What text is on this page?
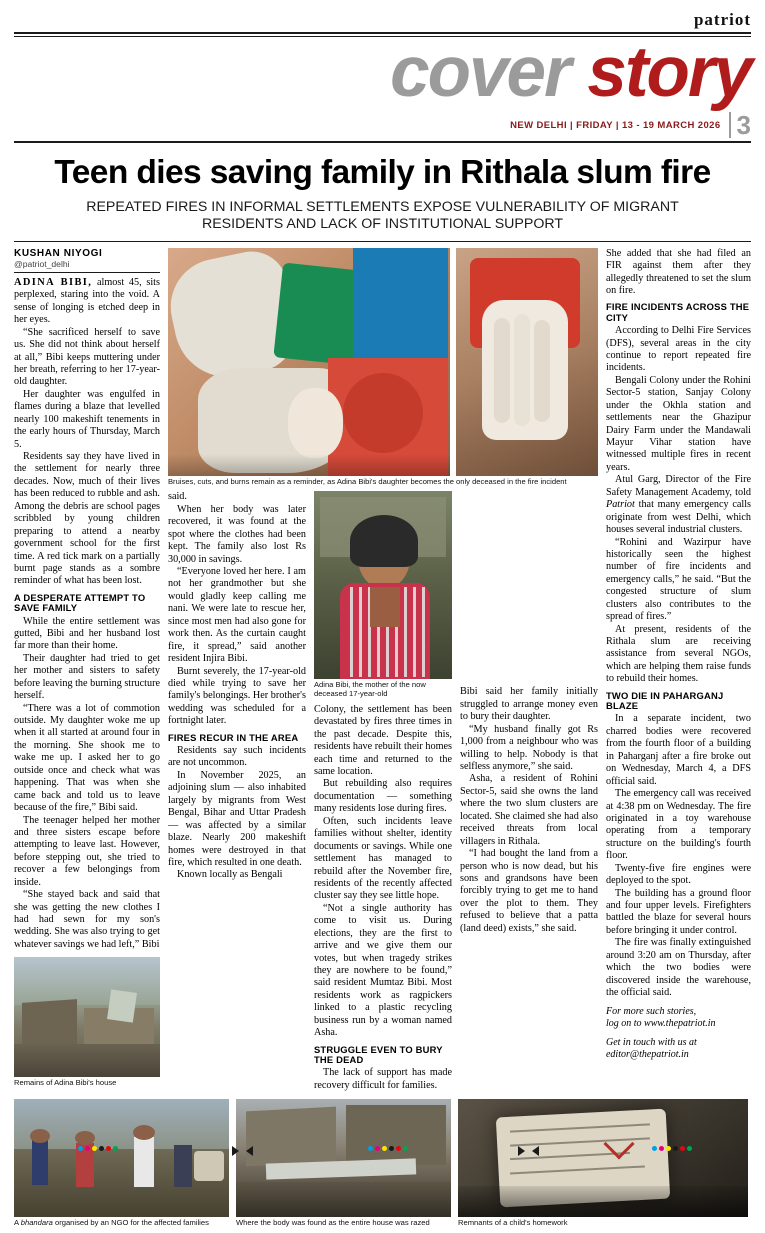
patriot
cover story
NEW DELHI | FRIDAY | 13 - 19 MARCH 2026 3
Teen dies saving family in Rithala slum fire
REPEATED FIRES IN INFORMAL SETTLEMENTS EXPOSE VULNERABILITY OF MIGRANT RESIDENTS AND LACK OF INSTITUTIONAL SUPPORT
KUSHAN NIYOGI
@patriot_delhi

ADINA BIBI, almost 45, sits perplexed, staring into the void. A sense of longing is etched deep in her eyes.

“She sacrificed herself to save us. She did not think about herself at all,” Bibi keeps muttering under her breath, referring to her 17-year-old daughter.

Her daughter was engulfed in flames during a blaze that levelled nearly 100 makeshift tenements in the early hours of Thursday, March 5.

Residents say they have lived in the settlement for nearly three decades. Now, much of their lives has been reduced to rubble and ash. Among the debris are school pages scribbled by young children preparing to attend a nearby government school for the first time. A red tick mark on a partially burnt page stands as a sombre reminder of what has been lost.

A DESPERATE ATTEMPT TO SAVE FAMILY

While the entire settlement was gutted, Bibi and her husband lost far more than their home.

Their daughter had tried to get her mother and sisters to safety before leaving the burning structure herself.

“There was a lot of commotion outside. My daughter woke me up when it all started at around four in the morning. She shook me to wake me up. I asked her to go outside once and check what was happening. That was when she came back and told us to leave because of the fire,” Bibi said.

The teenager helped her mother and three sisters escape before attempting to leave last. However, before stepping out, she tried to recover a few belongings from inside.

“She stayed back and said that she was getting the new clothes I had had sewn for my son's wedding. She was also trying to get whatever savings we had left,” Bibi

Remains of Adina Bibi's house
Bruises, cuts, and burns remain as a reminder, as Adina Bibi's daughter becomes the only deceased in the fire incident

said.

When her body was later recovered, it was found at the spot where the clothes had been kept. The family also lost Rs 30,000 in savings.

“Everyone loved her here. I am not her grandmother but she would gladly keep calling me nani. We were late to rescue her, since most men had also gone for work then. As the curtain caught fire, it spread,” said another resident Injira Bibi.

Burnt severely, the 17-year-old died while trying to save her family's belongings. Her brother's wedding was scheduled for a fortnight later.

FIRES RECUR IN THE AREA

Residents say such incidents are not uncommon.

In November 2025, an adjoining slum — also inhabited largely by migrants from West Bengal, Bihar and Uttar Pradesh — was affected by a similar blaze. Nearly 200 makeshift homes were destroyed in that fire, which resulted in one death.

Known locally as Bengali

Adina Bibi, the mother of the now deceased 17-year-old

Colony, the settlement has been devastated by fires three times in the past decade. Despite this, residents have rebuilt their homes each time and returned to the same location.

But rebuilding also requires documentation — something many residents lose during fires.

Often, such incidents leave families without shelter, identity documents or savings. While one settlement has managed to rebuild after the November fire, residents of the recently affected cluster say they see little hope.

“Not a single authority has come to visit us. During elections, they are the first to arrive and we give them our votes, but when tragedy strikes they are nowhere to be found,” said resident Mumtaz Bibi. Most residents work as ragpickers linked to a plastic recycling business run by a woman named Asha.

STRUGGLE EVEN TO BURY THE DEAD

The lack of support has made recovery difficult for families.

Bibi said her family initially struggled to arrange money even to bury their daughter.

“My husband finally got Rs 1,000 from a neighbour who was willing to help. Nobody is that selfless anymore,” she said.

Asha, a resident of Rohini Sector-5, said she owns the land where the two slum clusters are located. She claimed she had also received threats from local villagers in Rithala.

“I had bought the land from a person who is now dead, but his sons and grandsons have been forcibly trying to get me to hand over the plot to them. They refused to believe that a patta (land deed) exists,” she said.

She added that she had filed an FIR against them after they allegedly threatened to set the slum on fire.

FIRE INCIDENTS ACROSS THE CITY

According to Delhi Fire Services (DFS), several areas in the city continue to report repeated fire incidents.

Bengali Colony under the Rohini Sector-5 station, Sanjay Colony under the Okhla station and settlements near the Ghazipur Dairy Farm under the Mandawali Mayur Vihar station have witnessed multiple fires in recent years.

Atul Garg, Director of the Fire Safety Management Academy, told Patriot that many emergency calls originate from west Delhi, which houses several industrial clusters.

“Rohini and Wazirpur have historically seen the highest number of fire incidents and emergency calls,” he said. “But the congested structure of slum clusters also contributes to the spread of fires.”

At present, residents of the Rithala slum are receiving assistance from several NGOs, which are helping them raise funds to rebuild their homes.

TWO DIE IN PAHARGANJ BLAZE

In a separate incident, two charred bodies were recovered from the fourth floor of a building in Paharganj after a fire broke out on Wednesday, March 4, a DFS official said.

The emergency call was received at 4:38 pm on Wednesday. The fire originated in a toy warehouse operating from a temporary structure on the building's fourth floor.

Twenty-five fire engines were deployed to the spot.

The building has a ground floor and four upper levels. Firefighters battled the blaze for several hours before bringing it under control.

The fire was finally extinguished around 3:20 am on Thursday, after which the two bodies were discovered inside the warehouse, the official said.

For more such stories,
log on to www.thepatriot.in
Get in touch with us at
editor@thepatriot.in
A bhandara organised by an NGO for the affected families	Where the body was found as the entire house was razed	Remnants of a child's homework
